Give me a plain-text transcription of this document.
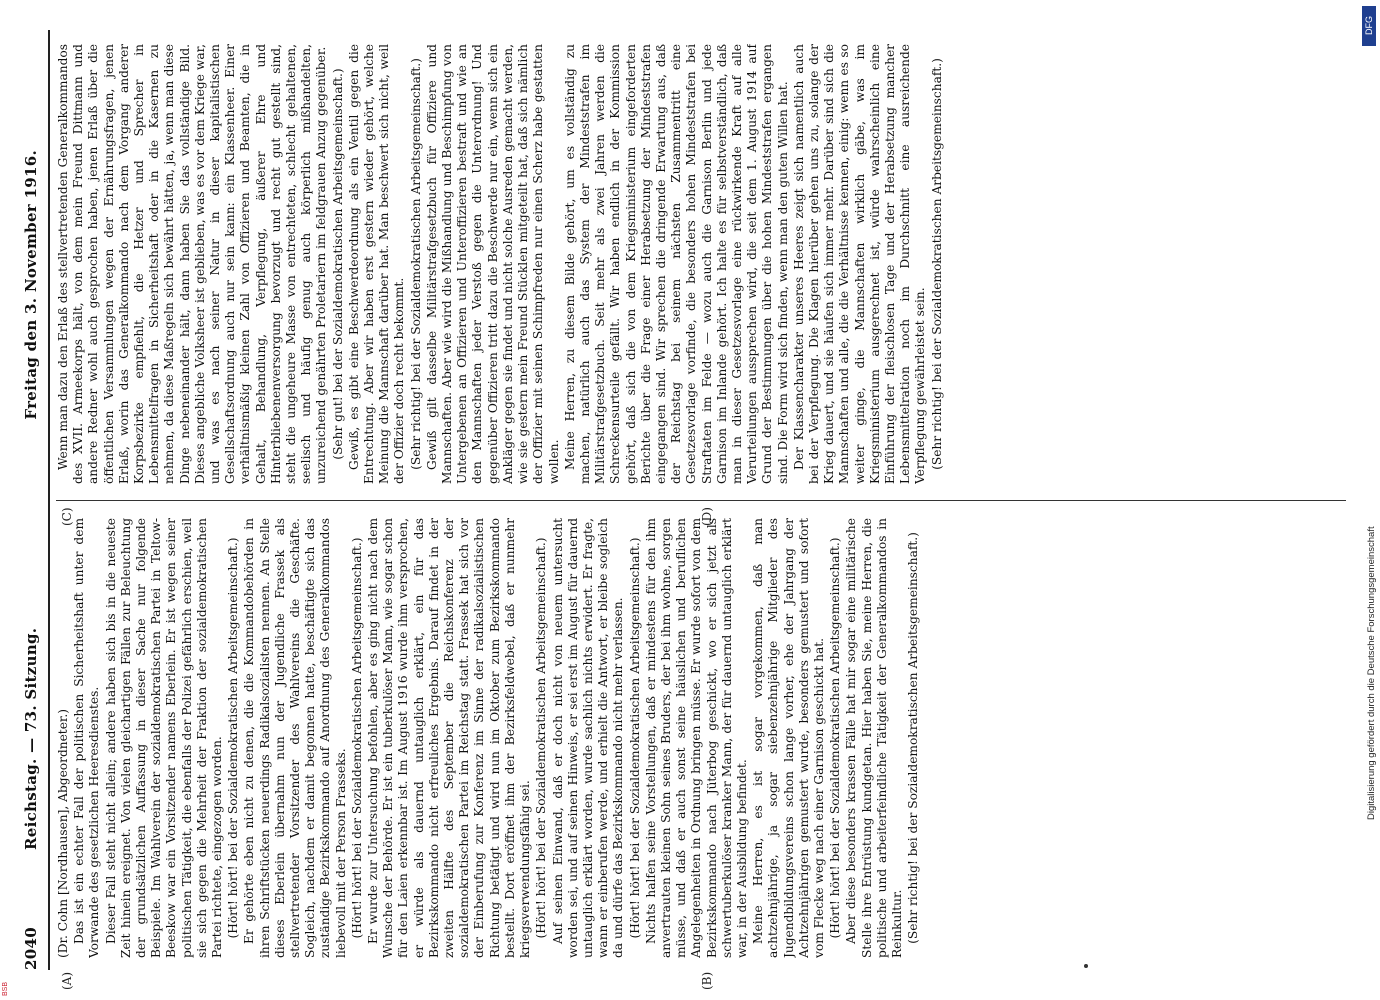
2040
Reichstag. — 73. Sitzung.
Freitag den 3. November 1916.
(A)	(B)
(C)	(D)

(Dr. Cohn [Nordhausen], Abgeordneter.) Das ist ein echter Fall der politischen Sicherheitshaft unter dem Vorwande des gesetzlichen Heeresdienstes. Dieser Fall steht nicht allein; andere haben sich bis in die neueste Zeit hinein ereignet. Von vielen gleichartigen Fällen zur Beleuchtung der grundsätzlichen Auffassung in dieser Sache nur folgende Beispiele. Im Wahlverein der sozialdemokratischen Partei in Teltow-Beeskow war ein Vorsitzender namens Eberlein. Er ist wegen seiner politischen Tätigkeit, die ebenfalls der Polizei gefährlich erschien, weil sie sich gegen die Mehrheit der Fraktion der sozialdemokratischen Partei richtete, eingezogen worden. (Hört! hört! bei der Sozialdemokratischen Arbeitsgemeinschaft.) Er gehörte eben nicht zu denen, die die Kommandobehörden in ihren Schriftstücken neuerdings Radikalsozialisten nennen. An Stelle dieses Eberlein übernahm nun der Jugendliche Frassek als stellvertretender Vorsitzender des Wahlvereins die Geschäfte. Sogleich, nachdem er damit begonnen hatte, beschäftigte sich das zuständige Bezirkskommando auf Anordnung des Generalkommandos liebevoll mit der Person Frasseks. (Hört! hört! bei der Sozialdemokratischen Arbeitsgemeinschaft.) Er wurde zur Untersuchung befohlen, aber es ging nicht nach dem Wunsche der Behörde. Er ist ein tuberkulöser Mann, wie sogar schon für den Laien erkennbar ist. Im August 1916 wurde ihm versprochen, er würde als dauernd untauglich erklärt, ein für das Bezirkskommando nicht erfreuliches Ergebnis. Darauf findet in der zweiten Hälfte des September die Reichskonferenz der sozialdemokratischen Partei im Reichstag statt. Frassek hat sich vor der Einberufung zur Konferenz im Sinne der radikalsozialistischen Richtung betätigt und wird nun im Oktober zum Bezirkskommando bestellt. Dort eröffnet ihm der Bezirksfeldwebel, daß er nunmehr kriegsverwendungsfähig sei. (Hört! hört! bei der Sozialdemokratischen Arbeitsgemeinschaft.) Auf seinen Einwand, daß er doch nicht von neuem untersucht worden sei, und auf seinen Hinweis, er sei erst im August für dauernd untauglich erklärt worden, wurde sachlich nichts erwidert. Er fragte, wann er einberufen werde, und erhielt die Antwort, er bleibe sogleich da und dürfe das Bezirkskommando nicht mehr verlassen. (Hört! hört! bei der Sozialdemokratischen Arbeitsgemeinschaft.) Nichts halfen seine Vorstellungen, daß er mindestens für den ihm anvertrauten kleinen Sohn seines Bruders, der bei ihm wohne, sorgen müsse, und daß er auch sonst seine häuslichen und beruflichen Angelegenheiten in Ordnung bringen müsse. Er wurde sofort von dem Bezirkskommando nach Jüterbog geschickt, wo er sich jetzt als schwertuberkulöser kranker Mann, der für dauernd untauglich erklärt war, in der Ausbildung befindet. Meine Herren, es ist sogar vorgekommen, daß man achtzehnjährige, ja sogar siebenzehnjährige Mitglieder des Jugendbildungsvereins schon lange vorher, ehe der Jahrgang der Achtzehnjährigen gemustert wurde, besonders gemustert und sofort vom Flecke weg nach einer Garnison geschickt hat. (Hört! hört! bei der Sozialdemokratischen Arbeitsgemeinschaft.) Aber diese besonders krassen Fälle hat mir sogar eine militärische Stelle ihre Entrüstung kundgetan. Hier haben Sie, meine Herren, die politische und arbeiterfeindliche Tätigkeit der Generalkommandos in Reinkultur. (Sehr richtig! bei der Sozialdemokratischen Arbeitsgemeinschaft.)

Wenn man dazu den Erlaß des stellvertretenden Generalkommandos des XVII. Armeekorps hält, von dem mein Freund Dittmann und andere Redner wohl auch gesprochen haben, jenen Erlaß über die öffentlichen Versammlungen wegen der Ernährungsfragen, jenen Erlaß, worin das Generalkommando nach dem Vorgang anderer Korpsbezirke empfiehlt, die Hetzer und Sprecher in Lebensmittelfragen in Sicherheitshaft oder in die Kasernen zu nehmen, da diese Maßregeln sich bewährt hätten, ja, wenn man diese Dinge nebeneinander hält, dann haben Sie das vollständige Bild. Dieses angebliche Volksheer ist geblieben, was es vor dem Kriege war, und was es nach seiner Natur in dieser kapitalistischen Gesellschaftsordnung auch nur sein kann: ein Klassenheer. Einer verhältnismäßig kleinen Zahl von Offizieren und Beamten, die in Gehalt, Behandlung, Verpflegung, äußerer Ehre und Hinterbliebenenversorgung bevorzugt und recht gut gestellt sind, steht die ungeheure Masse von entrechteten, schlecht gehaltenen, seelisch und häufig genug auch körperlich mißhandelten, unzureichend genährten Proletariern im feldgrauen Anzug gegenüber. (Sehr gut! bei der Sozialdemokratischen Arbeitsgemeinschaft.) Gewiß, es gibt eine Beschwerdeordnung als ein Ventil gegen die Entrechtung. Aber wir haben erst gestern wieder gehört, welche Meinung die Mannschaft darüber hat. Man beschwert sich nicht, weil der Offizier doch recht bekommt. (Sehr richtig! bei der Sozialdemokratischen Arbeitsgemeinschaft.) Gewiß gilt dasselbe Militärstrafgesetzbuch für Offiziere und Mannschaften. Aber wie wird die Mißhandlung und Beschimpfung von Untergebenen an Offizieren und Unteroffizieren bestraft und wie an den Mannschaften jeder Verstoß gegen die Unterordnung! Und gegenüber Offizieren tritt dazu die Beschwerde nur ein, wenn sich ein Ankläger gegen sie findet und nicht solche Ausreden gemacht werden, wie sie gestern mein Freund Stücklen mitgeteilt hat, daß sich nämlich der Offizier mit seinen Schimpfreden nur einen Scherz habe gestatten wollen. Meine Herren, zu diesem Bilde gehört, um es vollständig zu machen, natürlich auch das System der Mindeststrafen im Militärstrafgesetzbuch. Seit mehr als zwei Jahren werden die Schreckensurteile gefällt. Wir haben endlich in der Kommission gehört, daß sich die von dem Kriegsministerium eingeforderten Berichte über die Frage einer Herabsetzung der Mindeststrafen eingegangen sind. Wir sprechen die dringende Erwartung aus, daß der Reichstag bei seinem nächsten Zusammentritt eine Gesetzesvorlage vorfinde, die besonders hohen Mindeststrafen bei Straftaten im Felde — wozu auch die Garnison Berlin und jede Garnison im Inlande gehört. Ich halte es für selbstverständlich, daß man in dieser Gesetzesvorlage eine rückwirkende Kraft auf alle Verurteilungen aussprechen wird, die seit dem 1. August 1914 auf Grund der Bestimmungen über die hohen Mindeststrafen ergangen sind. Die Form wird sich finden, wenn man den guten Willen hat. Der Klassencharakter unseres Heeres zeigt sich namentlich auch bei der Verpflegung. Die Klagen hierüber gehen uns zu, solange der Krieg dauert, und sie häufen sich immer mehr. Darüber sind sich die Mannschaften und alle, die die Verhältnisse kennen, einig: wenn es so weiter ginge, die Mannschaften wirklich gäbe, was im Kriegsministerium ausgerechnet ist, würde wahrscheinlich eine Einführung der fleischlosen Tage und der Herabsetzung mancher Lebensmittelration noch im Durchschnitt eine ausreichende Verpflegung gewährleistet sein. (Sehr richtig! bei der Sozialdemokratischen Arbeitsgemeinschaft.)

DFG
Digitalisierung gefördert durch die Deutsche Forschungsgemeinschaft
BSB
